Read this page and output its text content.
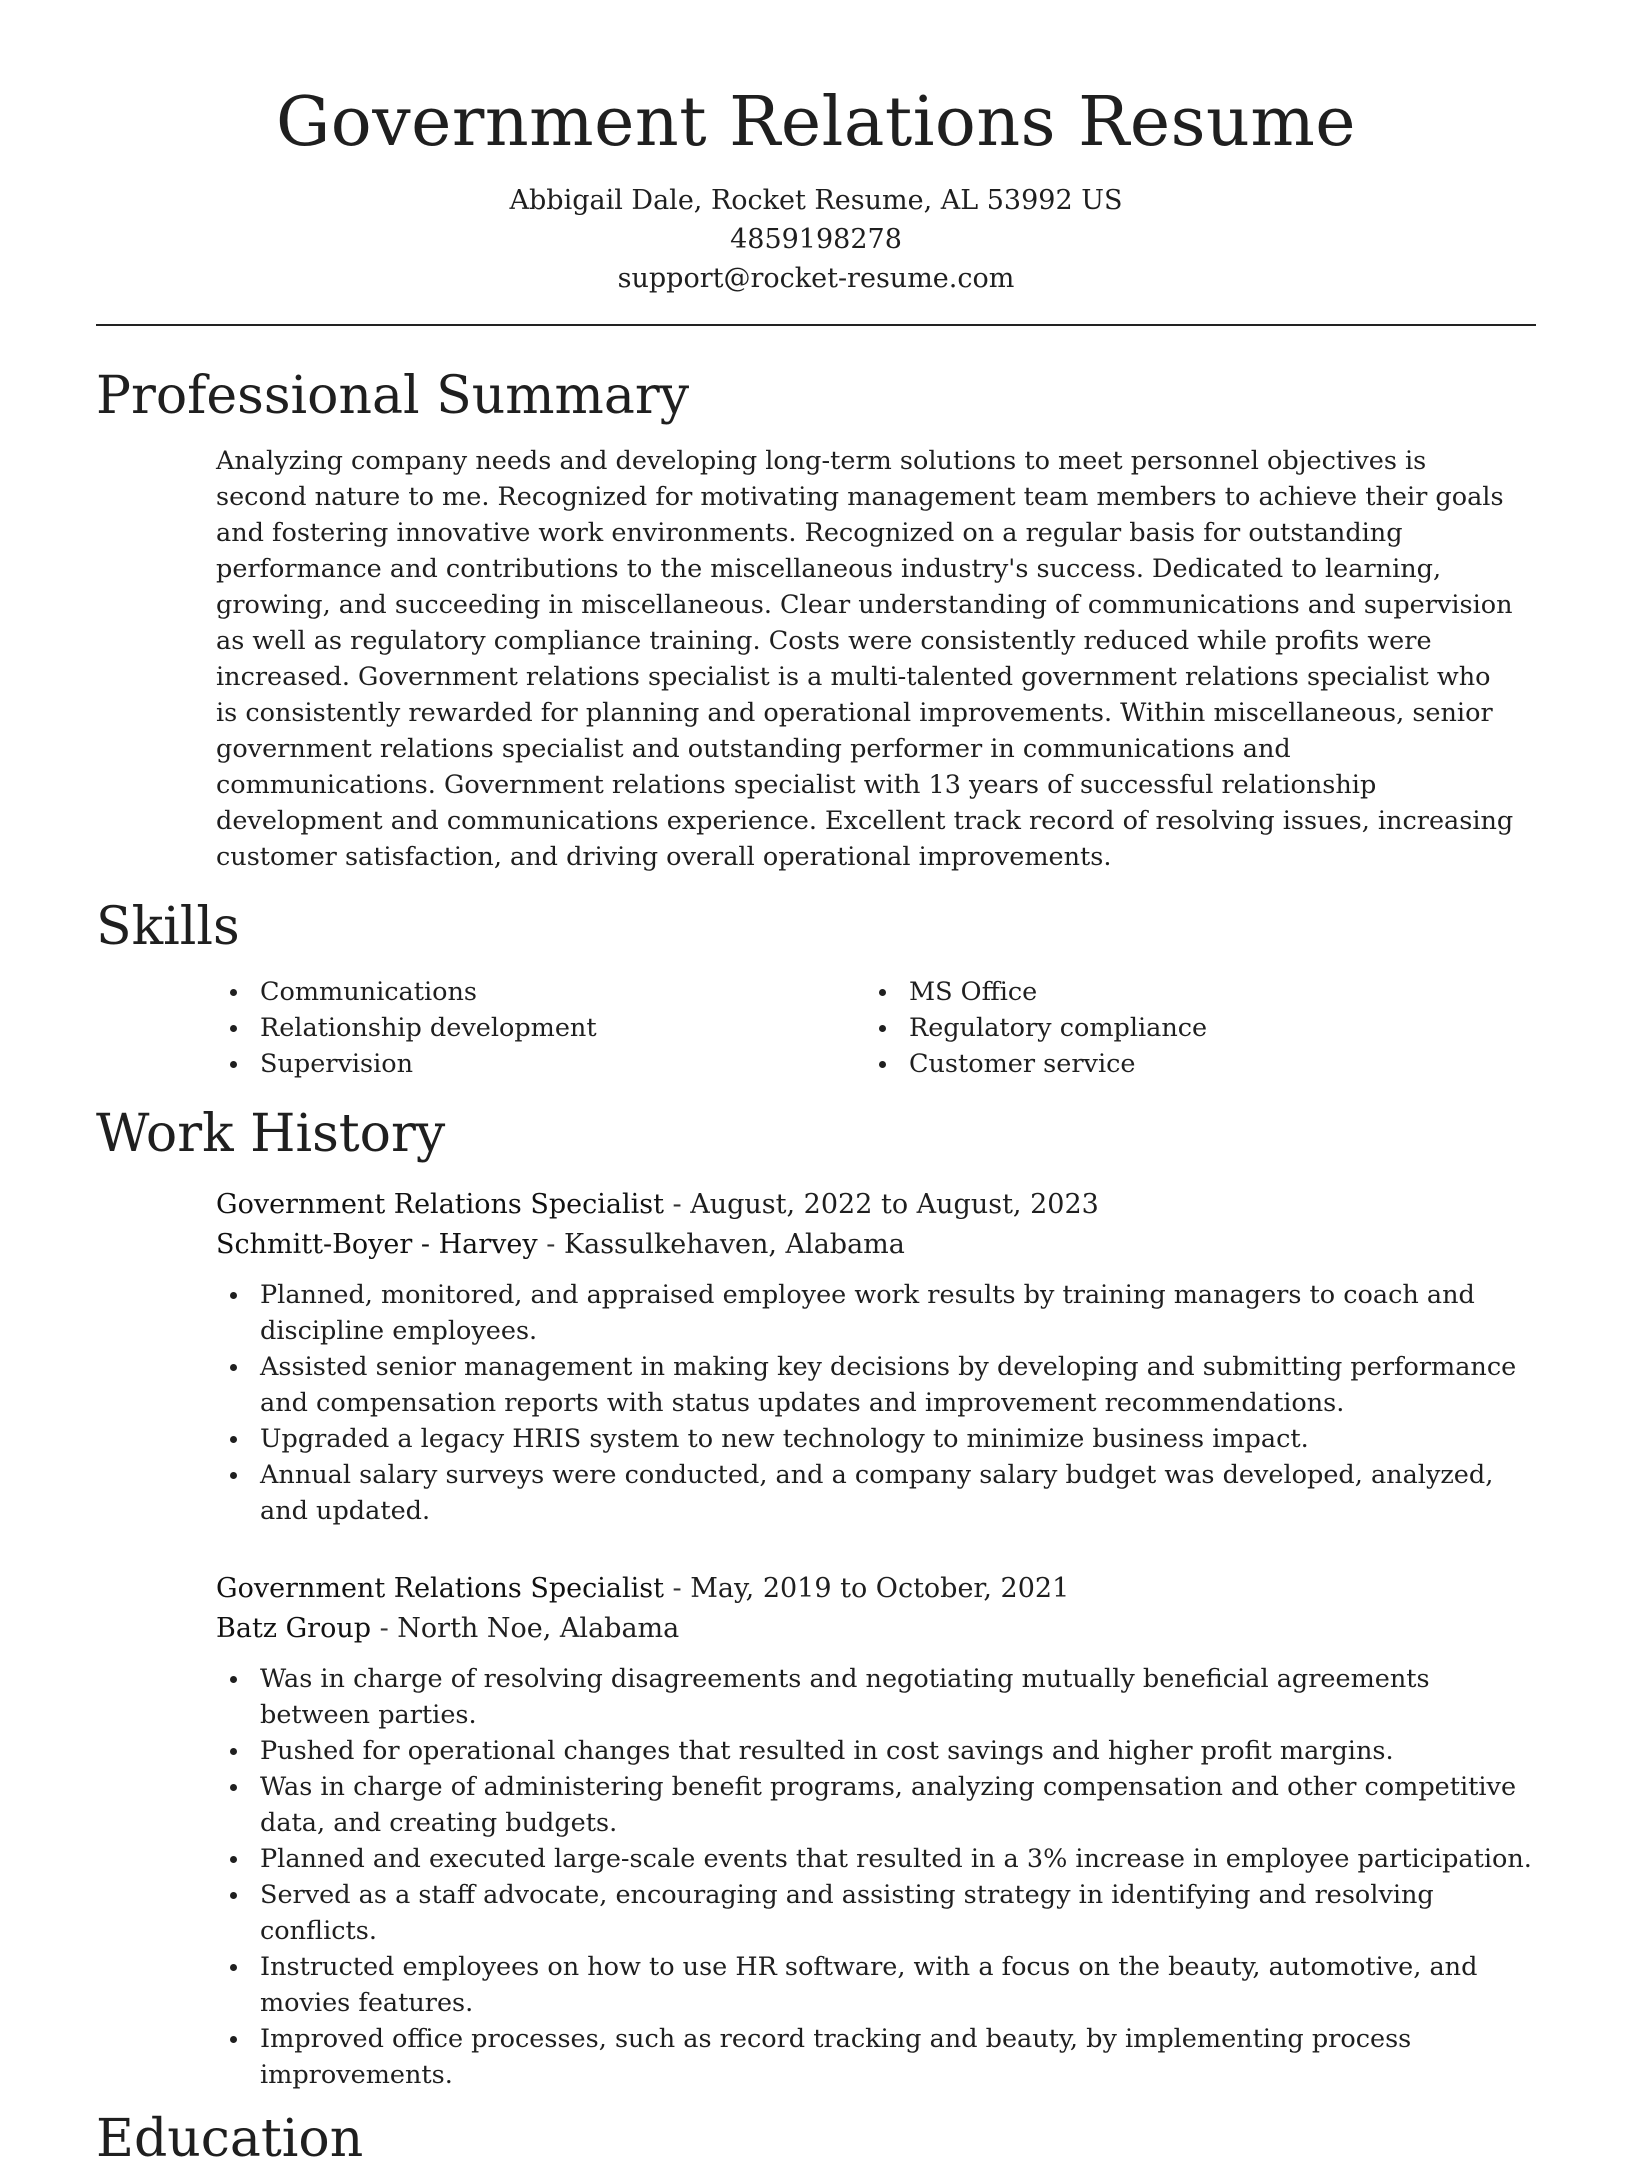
Government Relations Resume
Abbigail Dale, Rocket Resume, AL 53992 US
4859198278
support@rocket-resume.com
Professional Summary

Analyzing company needs and developing long-term solutions to meet personnel objectives is second nature to me. Recognized for motivating management team members to achieve their goals and fostering innovative work environments. Recognized on a regular basis for outstanding performance and contributions to the miscellaneous industry's success. Dedicated to learning, growing, and succeeding in miscellaneous. Clear understanding of communications and supervision as well as regulatory compliance training. Costs were consistently reduced while profits were increased. Government relations specialist is a multi-talented government relations specialist who is consistently rewarded for planning and operational improvements. Within miscellaneous, senior government relations specialist and outstanding performer in communications and communications. Government relations specialist with 13 years of successful relationship development and communications experience. Excellent track record of resolving issues, increasing customer satisfaction, and driving overall operational improvements.

Skills
Communications
Relationship development
Supervision
MS Office
Regulatory compliance
Customer service
Work History
Government Relations Specialist - August, 2022 to August, 2023
Schmitt-Boyer - Harvey - Kassulkehaven, Alabama
Planned, monitored, and appraised employee work results by training managers to coach and discipline employees.
Assisted senior management in making key decisions by developing and submitting performance and compensation reports with status updates and improvement recommendations.
Upgraded a legacy HRIS system to new technology to minimize business impact.
Annual salary surveys were conducted, and a company salary budget was developed, analyzed, and updated.
Government Relations Specialist - May, 2019 to October, 2021
Batz Group - North Noe, Alabama
Was in charge of resolving disagreements and negotiating mutually beneficial agreements between parties.
Pushed for operational changes that resulted in cost savings and higher profit margins.
Was in charge of administering benefit programs, analyzing compensation and other competitive data, and creating budgets.
Planned and executed large-scale events that resulted in a 3% increase in employee participation.
Served as a staff advocate, encouraging and assisting strategy in identifying and resolving conflicts.
Instructed employees on how to use HR software, with a focus on the beauty, automotive, and movies features.
Improved office processes, such as record tracking and beauty, by implementing process improvements.
Education
